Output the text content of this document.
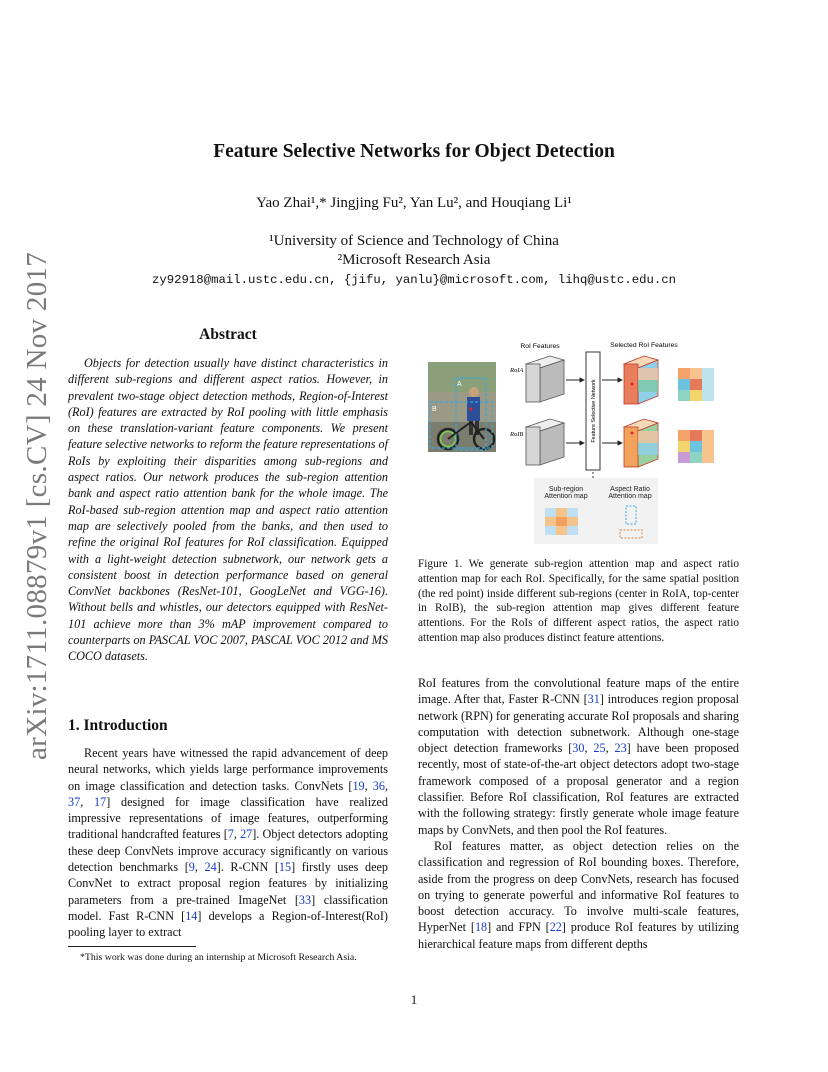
arXiv:1711.08879v1 [cs.CV] 24 Nov 2017
Feature Selective Networks for Object Detection
Yao Zhai¹,* Jingjing Fu², Yan Lu², and Houqiang Li¹
¹University of Science and Technology of China
²Microsoft Research Asia
zy92918@mail.ustc.edu.cn, {jifu, yanlu}@microsoft.com, lihq@ustc.edu.cn
Abstract

Objects for detection usually have distinct characteristics in different sub-regions and different aspect ratios. However, in prevalent two-stage object detection methods, Region-of-Interest (RoI) features are extracted by RoI pooling with little emphasis on these translation-variant feature components. We present feature selective networks to reform the feature representations of RoIs by exploiting their disparities among sub-regions and aspect ratios. Our network produces the sub-region attention bank and aspect ratio attention bank for the whole image. The RoI-based sub-region attention map and aspect ratio attention map are selectively pooled from the banks, and then used to refine the original RoI features for RoI classification. Equipped with a light-weight detection subnetwork, our network gets a consistent boost in detection performance based on general ConvNet backbones (ResNet-101, GoogLeNet and VGG-16). Without bells and whistles, our detectors equipped with ResNet-101 achieve more than 3% mAP improvement compared to counterparts on PASCAL VOC 2007, PASCAL VOC 2012 and MS COCO datasets.

1. Introduction

Recent years have witnessed the rapid advancement of deep neural networks, which yields large performance improvements on image classification and detection tasks. ConvNets [19, 36, 37, 17] designed for image classification have realized impressive representations of image features, outperforming traditional handcrafted features [7, 27]. Object detectors adopting these deep ConvNets improve accuracy significantly on various detection benchmarks [9, 24]. R-CNN [15] firstly uses deep ConvNet to extract proposal region features by initializing parameters from a pre-trained ImageNet [33] classification model. Fast R-CNN [14] develops a Region-of-Interest(RoI) pooling layer to extract

*This work was done during an internship at Microsoft Research Asia.
A
B
RoIA
RoIB
RoI Features
Feature Selective Network
Selected RoI Features
Sub-region Attention map
Aspect Ratio Attention map
Figure 1. We generate sub-region attention map and aspect ratio attention map for each RoI. Specifically, for the same spatial position (the red point) inside different sub-regions (center in RoIA, top-center in RoIB), the sub-region attention map gives different feature attentions. For the RoIs of different aspect ratios, the aspect ratio attention map also produces distinct feature attentions.

RoI features from the convolutional feature maps of the entire image. After that, Faster R-CNN [31] introduces region proposal network (RPN) for generating accurate RoI proposals and sharing computation with detection subnetwork. Although one-stage object detection frameworks [30, 25, 23] have been proposed recently, most of state-of-the-art object detectors adopt two-stage framework composed of a proposal generator and a region classifier. Before RoI classification, RoI features are extracted with the following strategy: firstly generate whole image feature maps by ConvNets, and then pool the RoI features.

RoI features matter, as object detection relies on the classification and regression of RoI bounding boxes. Therefore, aside from the progress on deep ConvNets, research has focused on trying to generate powerful and informative RoI features to boost detection accuracy. To involve multi-scale features, HyperNet [18] and FPN [22] produce RoI features by utilizing hierarchical feature maps from different depths

1
